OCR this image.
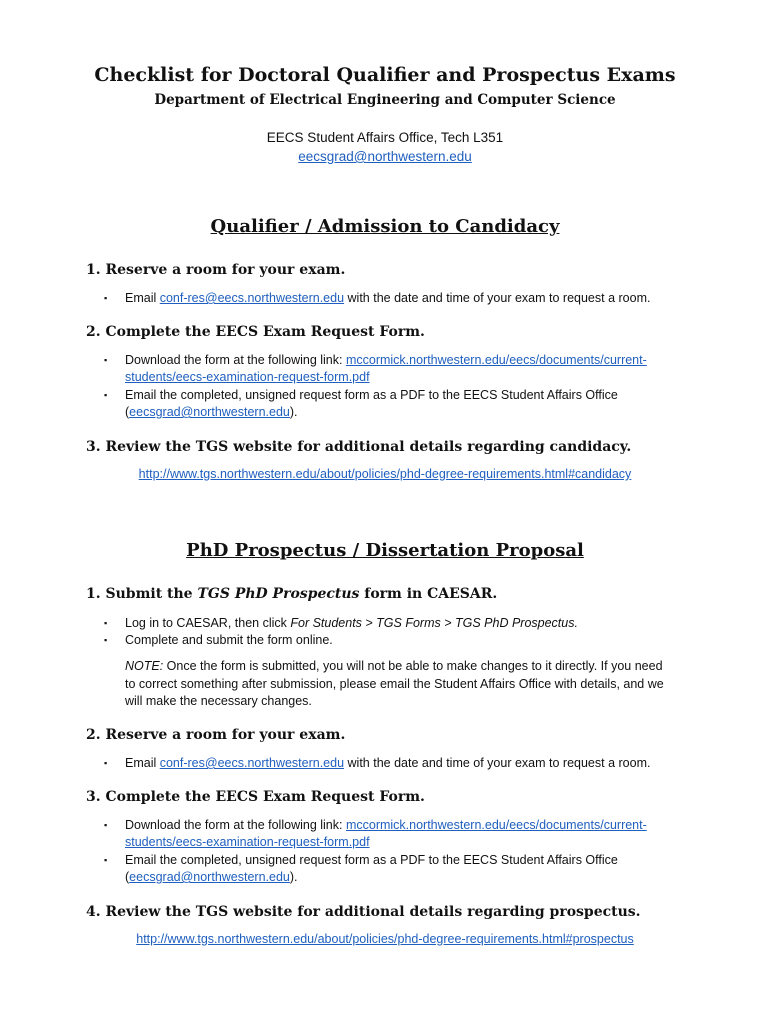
Checklist for Doctoral Qualifier and Prospectus Exams
Department of Electrical Engineering and Computer Science
EECS Student Affairs Office, Tech L351
eecsgrad@northwestern.edu
Qualifier / Admission to Candidacy
1. Reserve a room for your exam.
▪ Email conf-res@eecs.northwestern.edu with the date and time of your exam to request a room.
2. Complete the EECS Exam Request Form.
▪ Download the form at the following link: mccormick.northwestern.edu/eecs/documents/current-
students/eecs-examination-request-form.pdf
▪ Email the completed, unsigned request form as a PDF to the EECS Student Affairs Office
(eecsgrad@northwestern.edu).
3. Review the TGS website for additional details regarding candidacy.
http://www.tgs.northwestern.edu/about/policies/phd-degree-requirements.html#candidacy
PhD Prospectus / Dissertation Proposal
1. Submit the TGS PhD Prospectus form in CAESAR.
▪ Log in to CAESAR, then click For Students > TGS Forms > TGS PhD Prospectus.
▪ Complete and submit the form online.
NOTE: Once the form is submitted, you will not be able to make changes to it directly. If you need
to correct something after submission, please email the Student Affairs Office with details, and we
will make the necessary changes.
2. Reserve a room for your exam.
▪ Email conf-res@eecs.northwestern.edu with the date and time of your exam to request a room.
3. Complete the EECS Exam Request Form.
▪ Download the form at the following link: mccormick.northwestern.edu/eecs/documents/current-
students/eecs-examination-request-form.pdf
▪ Email the completed, unsigned request form as a PDF to the EECS Student Affairs Office
(eecsgrad@northwestern.edu).
4. Review the TGS website for additional details regarding prospectus.
http://www.tgs.northwestern.edu/about/policies/phd-degree-requirements.html#prospectus
